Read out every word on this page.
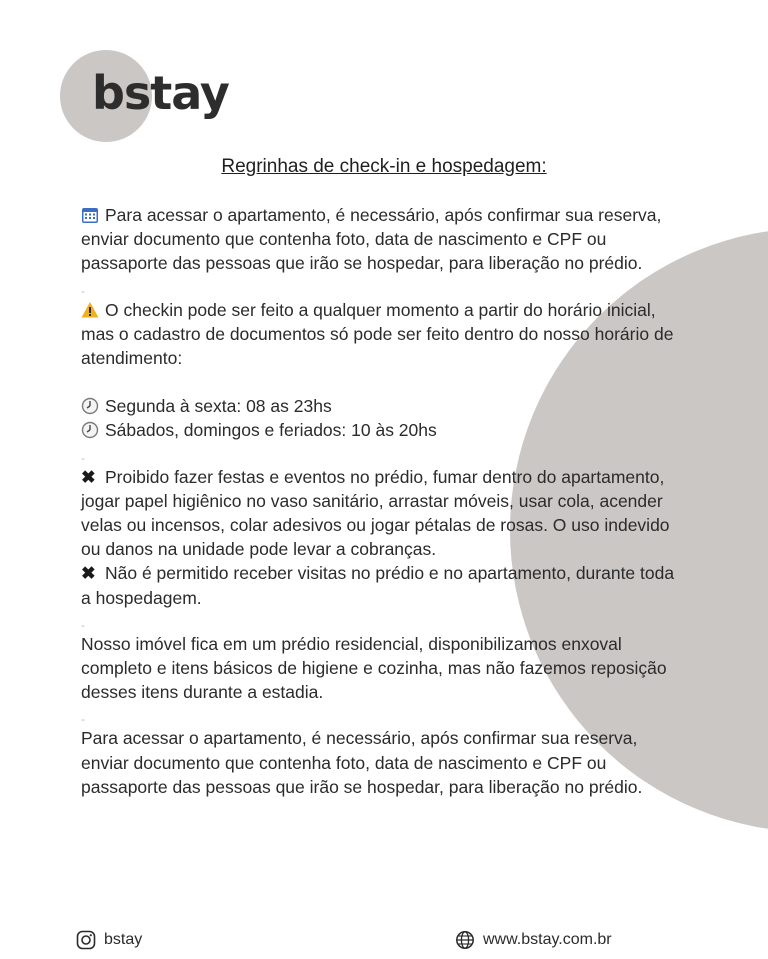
bstay
Regrinhas de check-in e hospedagem:

Para acessar o apartamento, é necessário, após confirmar sua reserva, enviar documento que contenha foto, data de nascimento e CPF ou passaporte das pessoas que irão se hospedar, para liberação no prédio.

-

O checkin pode ser feito a qualquer momento a partir do horário inicial, mas o cadastro de documentos só pode ser feito dentro do nosso horário de atendimento:

Segunda à sexta: 08 as 23hs

Sábados, domingos e feriados: 10 às 20hs

-

✖ Proibido fazer festas e eventos no prédio, fumar dentro do apartamento, jogar papel higiênico no vaso sanitário, arrastar móveis, usar cola, acender velas ou incensos, colar adesivos ou jogar pétalas de rosas. O uso indevido ou danos na unidade pode levar a cobranças.

✖ Não é permitido receber visitas no prédio e no apartamento, durante toda a hospedagem.

-

Nosso imóvel fica em um prédio residencial, disponibilizamos enxoval completo e itens básicos de higiene e cozinha, mas não fazemos reposição desses itens durante a estadia.

-

Para acessar o apartamento, é necessário, após confirmar sua reserva, enviar documento que contenha foto, data de nascimento e CPF ou passaporte das pessoas que irão se hospedar, para liberação no prédio.

bstay	www.bstay.com.br
